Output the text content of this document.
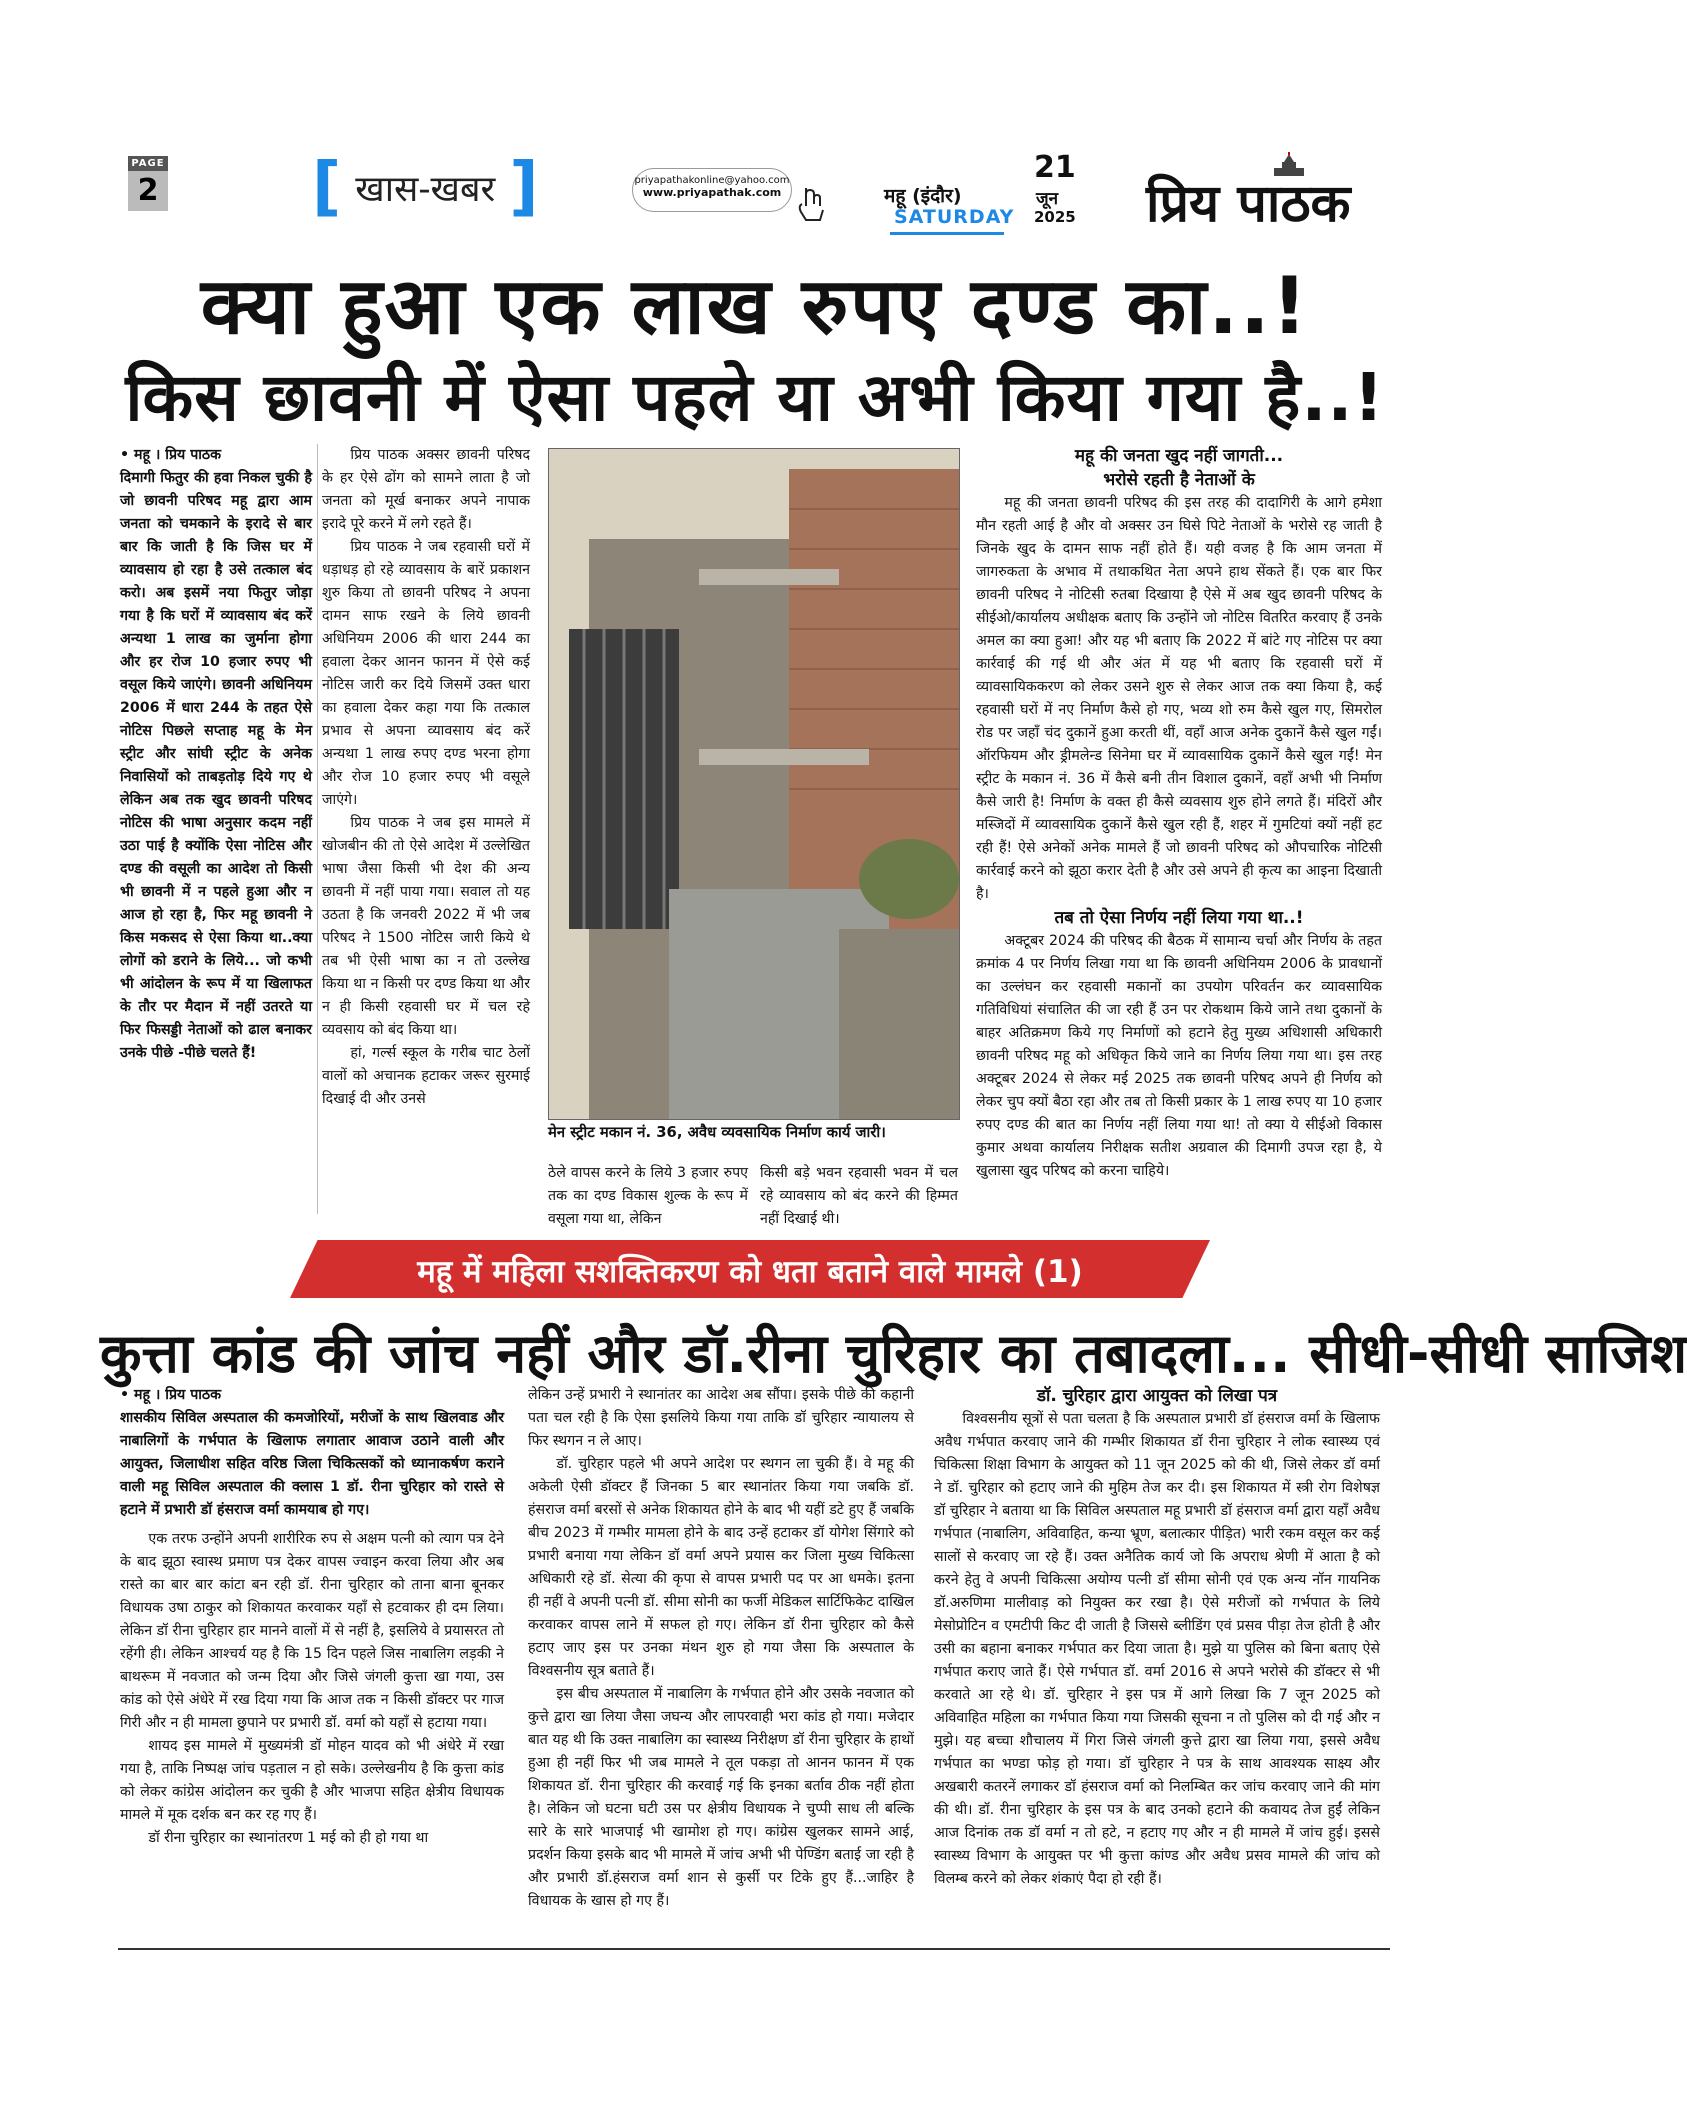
PAGE
2 [ खास-खबर ]	priyapathakonline@yahoo.com
www.priyapathak.com	महू (इंदौर)
SATURDAY
21
जून
2025 प्रिय पाठक
क्या हुआ एक लाख रुपए दण्ड का..!
किस छावनी में ऐसा पहले या अभी किया गया है..!

• महू । प्रिय पाठक

दिमागी फितुर की हवा निकल चुकी है जो छावनी परिषद महू द्वारा आम जनता को चमकाने के इरादे से बार बार कि जाती है कि जिस घर में व्यावसाय हो रहा है उसे तत्काल बंद करो। अब इसमें नया फितुर जोड़ा गया है कि घरों में व्यावसाय बंद करें अन्यथा 1 लाख का जुर्माना होगा और हर रोज 10 हजार रुपए भी वसूल किये जाएंगे। छावनी अधिनियम 2006 में धारा 244 के तहत ऐसे नोटिस पिछले सप्ताह महू के मेन स्ट्रीट और सांघी स्ट्रीट के अनेक निवासियों को ताबड़तोड़ दिये गए थे लेकिन अब तक खुद छावनी परिषद नोटिस की भाषा अनुसार कदम नहीं उठा पाई है क्योंकि ऐसा नोटिस और दण्ड की वसूली का आदेश तो किसी भी छावनी में न पहले हुआ और न आज हो रहा है, फिर महू छावनी ने किस मकसद से ऐसा किया था..क्या लोगों को डराने के लिये... जो कभी भी आंदोलन के रूप में या खिलाफत के तौर पर मैदान में नहीं उतरते या फिर फिसड्डी नेताओं को ढाल बनाकर उनके पीछे -पीछे चलते हैं!

प्रिय पाठक अक्सर छावनी परिषद के हर ऐसे ढोंग को सामने लाता है जो जनता को मूर्ख बनाकर अपने नापाक इरादे पूरे करने में लगे रहते हैं।

प्रिय पाठक ने जब रहवासी घरों में धड़ाधड़ हो रहे व्यावसाय के बारें प्रकाशन शुरु किया तो छावनी परिषद ने अपना दामन साफ रखने के लिये छावनी अधिनियम 2006 की धारा 244 का हवाला देकर आनन फानन में ऐसे कई नोटिस जारी कर दिये जिसमें उक्त धारा का हवाला देकर कहा गया कि तत्काल प्रभाव से अपना व्यावसाय बंद करें अन्यथा 1 लाख रुपए दण्ड भरना होगा और रोज 10 हजार रुपए भी वसूले जाएंगे।

प्रिय पाठक ने जब इस मामले में खोजबीन की तो ऐसे आदेश में उल्लेखित भाषा जैसा किसी भी देश की अन्य छावनी में नहीं पाया गया। सवाल तो यह उठता है कि जनवरी 2022 में भी जब परिषद ने 1500 नोटिस जारी किये थे तब भी ऐसी भाषा का न तो उल्लेख किया था न किसी पर दण्ड किया था और न ही किसी रहवासी घर में चल रहे व्यवसाय को बंद किया था।

हां, गर्ल्स स्कूल के गरीब चाट ठेलों वालों को अचानक हटाकर जरूर सुरमाई दिखाई दी और उनसे

मेन स्ट्रीट मकान नं. 36, अवैध व्यवसायिक निर्माण कार्य जारी।
ठेले वापस करने के लिये 3 हजार रुपए तक का दण्ड विकास शुल्क के रूप में वसूला गया था, लेकिन
किसी बड़े भवन रहवासी भवन में चल रहे व्यावसाय को बंद करने की हिम्मत नहीं दिखाई थी।
महू की जनता खुद नहीं जागती...
भरोसे रहती है नेताओं के

महू की जनता छावनी परिषद की इस तरह की दादागिरी के आगे हमेशा मौन रहती आई है और वो अक्सर उन घिसे पिटे नेताओं के भरोसे रह जाती है जिनके खुद के दामन साफ नहीं होते हैं। यही वजह है कि आम जनता में जागरुकता के अभाव में तथाकथित नेता अपने हाथ सेंकते हैं। एक बार फिर छावनी परिषद ने नोटिसी रुतबा दिखाया है ऐसे में अब खुद छावनी परिषद के सीईओ/कार्यालय अधीक्षक बताए कि उन्होंने जो नोटिस वितरित करवाए हैं उनके अमल का क्या हुआ! और यह भी बताए कि 2022 में बांटे गए नोटिस पर क्या कार्रवाई की गई थी और अंत में यह भी बताए कि रहवासी घरों में व्यावसायिककरण को लेकर उसने शुरु से लेकर आज तक क्या किया है, कई रहवासी घरों में नए निर्माण कैसे हो गए, भव्य शो रुम कैसे खुल गए, सिमरोल रोड पर जहाँ चंद दुकानें हुआ करती थीं, वहाँ आज अनेक दुकानें कैसे खुल गईं। ऑरफियम और ड्रीमलेन्ड सिनेमा घर में व्यावसायिक दुकानें कैसे खुल गईं! मेन स्ट्रीट के मकान नं. 36 में कैसे बनी तीन विशाल दुकानें, वहाँ अभी भी निर्माण कैसे जारी है! निर्माण के वक्त ही कैसे व्यवसाय शुरु होने लगते हैं। मंदिरों और मस्जिदों में व्यावसायिक दुकानें कैसे खुल रही हैं, शहर में गुमटियां क्यों नहीं हट रही हैं! ऐसे अनेकों अनेक मामले हैं जो छावनी परिषद को औपचारिक नोटिसी कार्रवाई करने को झूठा करार देती है और उसे अपने ही कृत्य का आइना दिखाती है।

तब तो ऐसा निर्णय नहीं लिया गया था..!

अक्टूबर 2024 की परिषद की बैठक में सामान्य चर्चा और निर्णय के तहत क्रमांक 4 पर निर्णय लिखा गया था कि छावनी अधिनियम 2006 के प्रावधानों का उल्लंघन कर रहवासी मकानों का उपयोग परिवर्तन कर व्यावसायिक गतिविधियां संचालित की जा रही हैं उन पर रोकथाम किये जाने तथा दुकानों के बाहर अतिक्रमण किये गए निर्माणों को हटाने हेतु मुख्य अधिशासी अधिकारी छावनी परिषद महू को अधिकृत किये जाने का निर्णय लिया गया था। इस तरह अक्टूबर 2024 से लेकर मई 2025 तक छावनी परिषद अपने ही निर्णय को लेकर चुप क्यों बैठा रहा और तब तो किसी प्रकार के 1 लाख रुपए या 10 हजार रुपए दण्ड की बात का निर्णय नहीं लिया गया था! तो क्या ये सीईओ विकास कुमार अथवा कार्यालय निरीक्षक सतीश अग्रवाल की दिमागी उपज रहा है, ये खुलासा खुद परिषद को करना चाहिये।

महू में महिला सशक्तिकरण को धता बताने वाले मामले (1)
कुत्ता कांड की जांच नहीं और डॉ.रीना चुरिहार का तबादला... सीधी-सीधी साजिश

• महू । प्रिय पाठक

शासकीय सिविल अस्पताल की कमजोरियों, मरीजों के साथ खिलवाड और नाबालिगों के गर्भपात के खिलाफ लगातार आवाज उठाने वाली और आयुक्त, जिलाधीश सहित वरिष्ठ जिला चिकित्सकों को ध्यानाकर्षण कराने वाली महू सिविल अस्पताल की क्लास 1 डॉ. रीना चुरिहार को रास्ते से हटाने में प्रभारी डॉ हंसराज वर्मा कामयाब हो गए।

एक तरफ उन्होंने अपनी शारीरिक रुप से अक्षम पत्नी को त्याग पत्र देने के बाद झूठा स्वास्थ प्रमाण पत्र देकर वापस ज्वाइन करवा लिया और अब रास्ते का बार बार कांटा बन रही डॉ. रीना चुरिहार को ताना बाना बूनकर विधायक उषा ठाकुर को शिकायत करवाकर यहाँ से हटवाकर ही दम लिया। लेकिन डॉ रीना चुरिहार हार मानने वालों में से नहीं है, इसलिये वे प्रयासरत तो रहेंगी ही। लेकिन आश्चर्य यह है कि 15 दिन पहले जिस नाबालिग लड़की ने बाथरूम में नवजात को जन्म दिया और जिसे जंगली कुत्ता खा गया, उस कांड को ऐसे अंधेरे में रख दिया गया कि आज तक न किसी डॉक्टर पर गाज गिरी और न ही मामला छुपाने पर प्रभारी डॉ. वर्मा को यहाँ से हटाया गया।

शायद इस मामले में मुख्यमंत्री डॉ मोहन यादव को भी अंधेरे में रखा गया है, ताकि निष्पक्ष जांच पड़ताल न हो सके। उल्लेखनीय है कि कुत्ता कांड को लेकर कांग्रेस आंदोलन कर चुकी है और भाजपा सहित क्षेत्रीय विधायक मामले में मूक दर्शक बन कर रह गए हैं।

डॉ रीना चुरिहार का स्थानांतरण 1 मई को ही हो गया था

लेकिन उन्हें प्रभारी ने स्थानांतर का आदेश अब सौंपा। इसके पीछे की कहानी पता चल रही है कि ऐसा इसलिये किया गया ताकि डॉ चुरिहार न्यायालय से फिर स्थगन न ले आए।

डॉ. चुरिहार पहले भी अपने आदेश पर स्थगन ला चुकी हैं। वे महू की अकेली ऐसी डॉक्टर हैं जिनका 5 बार स्थानांतर किया गया जबकि डॉ. हंसराज वर्मा बरसों से अनेक शिकायत होने के बाद भी यहीं डटे हुए हैं जबकि बीच 2023 में गम्भीर मामला होने के बाद उन्हें हटाकर डॉ योगेश सिंगारे को प्रभारी बनाया गया लेकिन डॉ वर्मा अपने प्रयास कर जिला मुख्य चिकित्सा अधिकारी रहे डॉ. सेत्या की कृपा से वापस प्रभारी पद पर आ धमके। इतना ही नहीं वे अपनी पत्नी डॉ. सीमा सोनी का फर्जी मेडिकल सार्टिफिकेट दाखिल करवाकर वापस लाने में सफल हो गए। लेकिन डॉ रीना चुरिहार को कैसे हटाए जाए इस पर उनका मंथन शुरु हो गया जैसा कि अस्पताल के विश्वसनीय सूत्र बताते हैं।

इस बीच अस्पताल में नाबालिग के गर्भपात होने और उसके नवजात को कुत्ते द्वारा खा लिया जैसा जघन्य और लापरवाही भरा कांड हो गया। मजेदार बात यह थी कि उक्त नाबालिग का स्वास्थ्य निरीक्षण डॉ रीना चुरिहार के हाथों हुआ ही नहीं फिर भी जब मामले ने तूल पकड़ा तो आनन फानन में एक शिकायत डॉ. रीना चुरिहार की करवाई गई कि इनका बर्ताव ठीक नहीं होता है। लेकिन जो घटना घटी उस पर क्षेत्रीय विधायक ने चुप्पी साध ली बल्कि सारे के सारे भाजपाई भी खामोश हो गए। कांग्रेस खुलकर सामने आई, प्रदर्शन किया इसके बाद भी मामले में जांच अभी भी पेण्डिंग बताई जा रही है और प्रभारी डॉ.हंसराज वर्मा शान से कुर्सी पर टिके हुए हैं...जाहिर है विधायक के खास हो गए हैं।

डॉ. चुरिहार द्वारा आयुक्त को लिखा पत्र

विश्वसनीय सूत्रों से पता चलता है कि अस्पताल प्रभारी डॉ हंसराज वर्मा के खिलाफ अवैध गर्भपात करवाए जाने की गम्भीर शिकायत डॉ रीना चुरिहार ने लोक स्वास्थ्य एवं चिकित्सा शिक्षा विभाग के आयुक्त को 11 जून 2025 को की थी, जिसे लेकर डॉ वर्मा ने डॉ. चुरिहार को हटाए जाने की मुहिम तेज कर दी। इस शिकायत में स्त्री रोग विशेषज्ञ डॉ चुरिहार ने बताया था कि सिविल अस्पताल महू प्रभारी डॉ हंसराज वर्मा द्वारा यहाँ अवैध गर्भपात (नाबालिग, अविवाहित, कन्या भ्रूण, बलात्कार पीड़ित) भारी रकम वसूल कर कई सालों से करवाए जा रहे हैं। उक्त अनैतिक कार्य जो कि अपराध श्रेणी में आता है को करने हेतु वे अपनी चिकित्सा अयोग्य पत्नी डॉ सीमा सोनी एवं एक अन्य नॉन गायनिक डॉ.अरुणिमा मालीवाड़ को नियुक्त कर रखा है। ऐसे मरीजों को गर्भपात के लिये मेसोप्रोटिन व एमटीपी किट दी जाती है जिससे ब्लीडिंग एवं प्रसव पीड़ा तेज होती है और उसी का बहाना बनाकर गर्भपात कर दिया जाता है। मुझे या पुलिस को बिना बताए ऐसे गर्भपात कराए जाते हैं। ऐसे गर्भपात डॉ. वर्मा 2016 से अपने भरोसे की डॉक्टर से भी करवाते आ रहे थे। डॉ. चुरिहार ने इस पत्र में आगे लिखा कि 7 जून 2025 को अविवाहित महिला का गर्भपात किया गया जिसकी सूचना न तो पुलिस को दी गई और न मुझे। यह बच्चा शौचालय में गिरा जिसे जंगली कुत्ते द्वारा खा लिया गया, इससे अवैध गर्भपात का भण्डा फोड़ हो गया। डॉ चुरिहार ने पत्र के साथ आवश्यक साक्ष्य और अखबारी कतरनें लगाकर डॉ हंसराज वर्मा को निलम्बित कर जांच करवाए जाने की मांग की थी। डॉ. रीना चुरिहार के इस पत्र के बाद उनको हटाने की कवायद तेज हुईं लेकिन आज दिनांक तक डॉ वर्मा न तो हटे, न हटाए गए और न ही मामले में जांच हुई। इससे स्वास्थ्य विभाग के आयुक्त पर भी कुत्ता कांण्ड और अवैध प्रसव मामले की जांच को विलम्ब करने को लेकर शंकाएं पैदा हो रही हैं।
